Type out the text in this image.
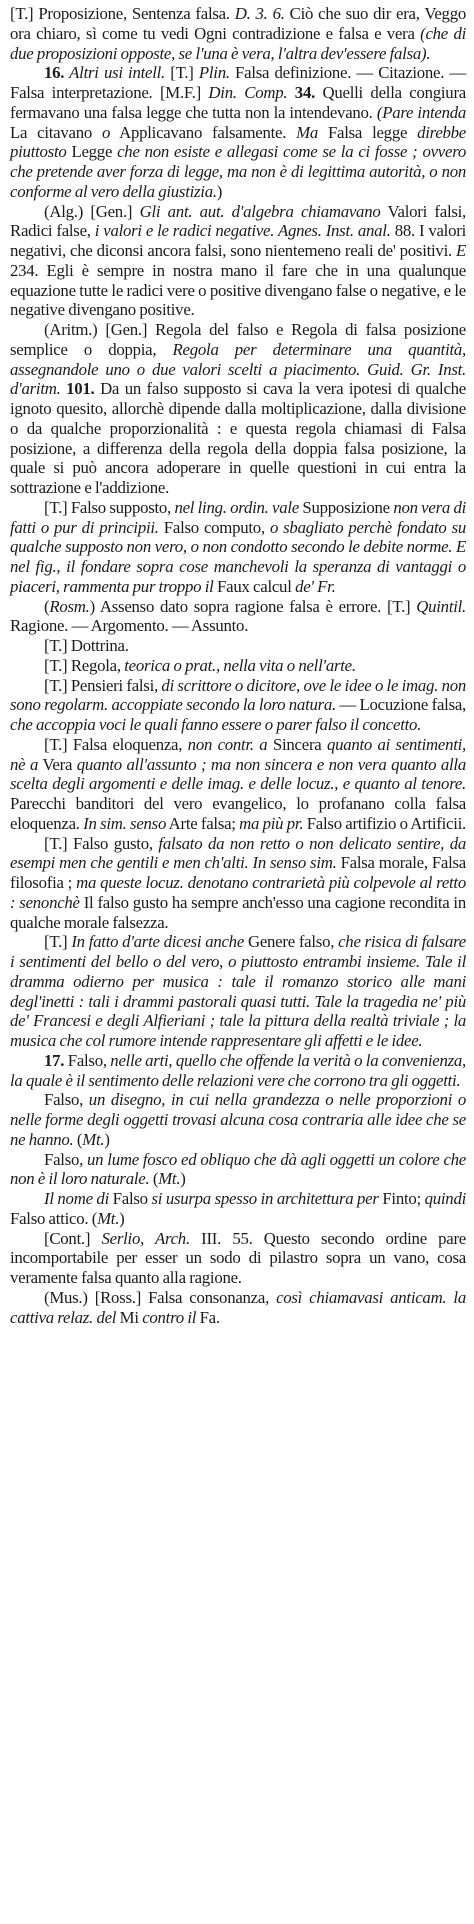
[T.] Proposizione, Sentenza falsa. D. 3. 6. Ciò che suo dir era, Veggo ora chiaro, sì come tu vedi Ogni contradizione e falsa e vera (che di due proposizioni opposte, se l'una è vera, l'altra dev'essere falsa).

16. Altri usi intell. [T.] Plin. Falsa definizione. — Citazione. — Falsa interpretazione. [M.F.] Din. Comp. 34. Quelli della congiura fermavano una falsa legge che tutta non la intendevano. (Pare intenda La citavano o Applicavano falsamente. Ma Falsa legge direbbe piuttosto Legge che non esiste e allegasi come se la ci fosse ; ovvero che pretende aver forza di legge, ma non è di legittima autorità, o non conforme al vero della giustizia.)

(Alg.) [Gen.] Gli ant. aut. d'algebra chiamavano Valori falsi, Radici false, i valori e le radici negative. Agnes. Inst. anal. 88. I valori negativi, che diconsi ancora falsi, sono nientemeno reali de' positivi. E 234. Egli è sempre in nostra mano il fare che in una qualunque equazione tutte le radici vere o positive divengano false o negative, e le negative divengano positive.

(Aritm.) [Gen.] Regola del falso e Regola di falsa posizione semplice o doppia, Regola per determinare una quantità, assegnandole uno o due valori scelti a piacimento. Guid. Gr. Inst. d'aritm. 101. Da un falso supposto si cava la vera ipotesi di qualche ignoto quesito, allorchè dipende dalla moltiplicazione, dalla divisione o da qualche proporzionalità : e questa regola chiamasi di Falsa posizione, a differenza della regola della doppia falsa posizione, la quale si può ancora adoperare in quelle questioni in cui entra la sottrazione e l'addizione.

[T.] Falso supposto, nel ling. ordin. vale Supposizione non vera di fatti o pur di principii. Falso computo, o sbagliato perchè fondato su qualche supposto non vero, o non condotto secondo le debite norme. E nel fig., il fondare sopra cose manchevoli la speranza di vantaggi o piaceri, rammenta pur troppo il Faux calcul de' Fr.

(Rosm.) Assenso dato sopra ragione falsa è errore. [T.] Quintil. Ragione. — Argomento. — Assunto.

[T.] Dottrina.

[T.] Regola, teorica o prat., nella vita o nell'arte.

[T.] Pensieri falsi, di scrittore o dicitore, ove le idee o le imag. non sono regolarm. accoppiate secondo la loro natura. — Locuzione falsa, che accoppia voci le quali fanno essere o parer falso il concetto.

[T.] Falsa eloquenza, non contr. a Sincera quanto ai sentimenti, nè a Vera quanto all'assunto ; ma non sincera e non vera quanto alla scelta degli argomenti e delle imag. e delle locuz., e quanto al tenore. Parecchi banditori del vero evangelico, lo profanano colla falsa eloquenza. In sim. senso Arte falsa; ma più pr. Falso artifizio o Artificii.

[T.] Falso gusto, falsato da non retto o non delicato sentire, da esempi men che gentili e men ch'alti. In senso sim. Falsa morale, Falsa filosofia ; ma queste locuz. denotano contrarietà più colpevole al retto : senonchè Il falso gusto ha sempre anch'esso una cagione recondita in qualche morale falsezza.

[T.] In fatto d'arte dicesi anche Genere falso, che risica di falsare i sentimenti del bello o del vero, o piuttosto entrambi insieme. Tale il dramma odierno per musica : tale il romanzo storico alle mani degl'inetti : tali i drammi pastorali quasi tutti. Tale la tragedia ne' più de' Francesi e degli Alfieriani ; tale la pittura della realtà triviale ; la musica che col rumore intende rappresentare gli affetti e le idee.

17. Falso, nelle arti, quello che offende la verità o la convenienza, la quale è il sentimento delle relazioni vere che corrono tra gli oggetti.

Falso, un disegno, in cui nella grandezza o nelle proporzioni o nelle forme degli oggetti trovasi alcuna cosa contraria alle idee che se ne hanno. (Mt.)

Falso, un lume fosco ed obliquo che dà agli oggetti un colore che non è il loro naturale. (Mt.)

Il nome di Falso si usurpa spesso in architettura per Finto; quindi Falso attico. (Mt.)

[Cont.] Serlio, Arch. III. 55. Questo secondo ordine pare incomportabile per esser un sodo di pilastro sopra un vano, cosa veramente falsa quanto alla ragione.

(Mus.) [Ross.] Falsa consonanza, così chiamavasi anticam. la cattiva relaz. del Mi contro il Fa.
